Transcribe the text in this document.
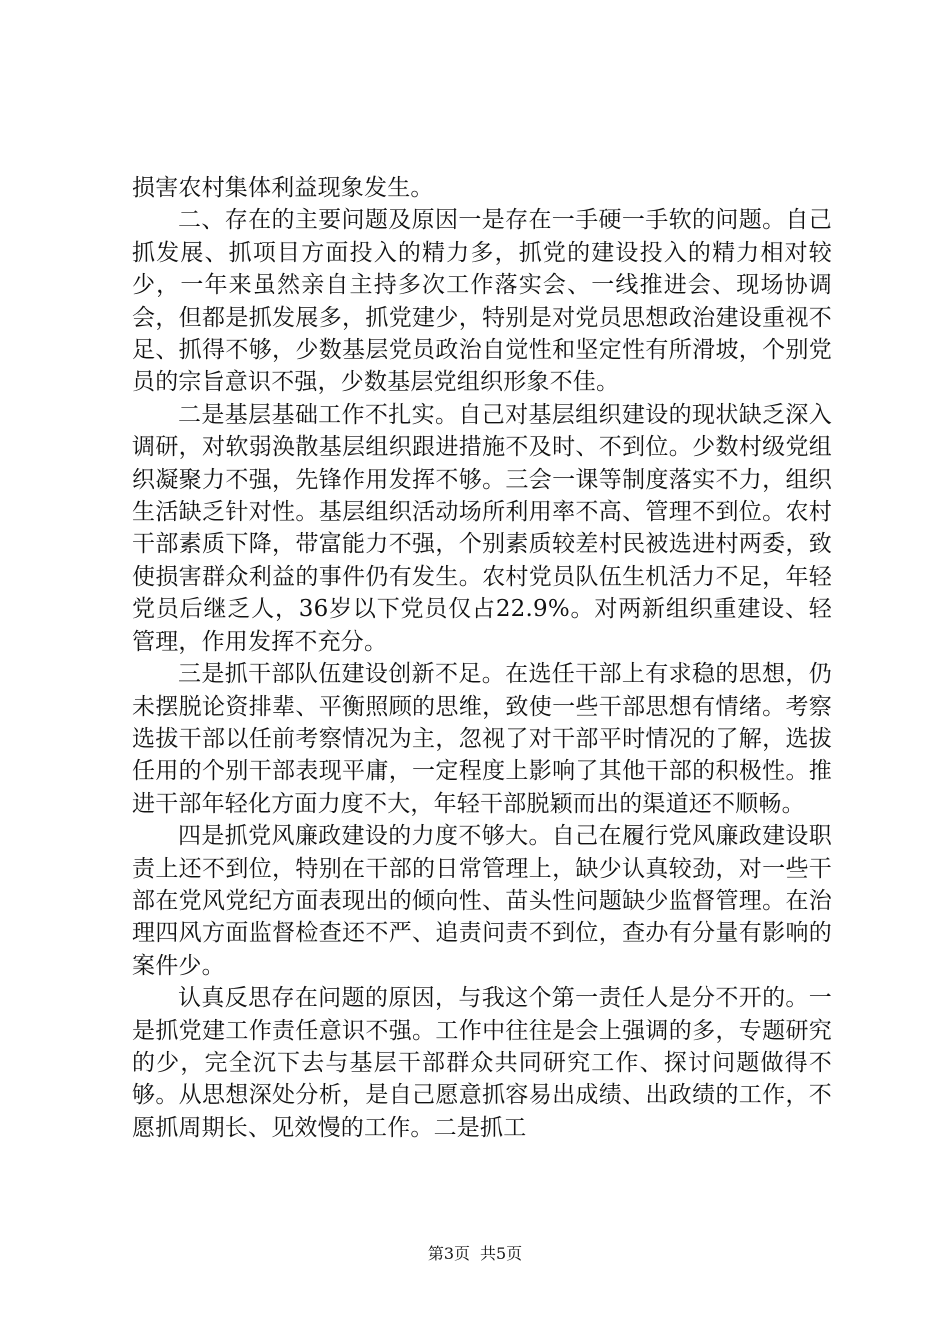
损害农村集体利益现象发生。

二、存在的主要问题及原因一是存在一手硬一手软的问题。自己抓发展、抓项目方面投入的精力多，抓党的建设投入的精力相对较少，一年来虽然亲自主持多次工作落实会、一线推进会、现场协调会，但都是抓发展多，抓党建少，特别是对党员思想政治建设重视不足、抓得不够，少数基层党员政治自觉性和坚定性有所滑坡，个别党员的宗旨意识不强，少数基层党组织形象不佳。

二是基层基础工作不扎实。自己对基层组织建设的现状缺乏深入调研，对软弱涣散基层组织跟进措施不及时、不到位。少数村级党组织凝聚力不强，先锋作用发挥不够。三会一课等制度落实不力，组织生活缺乏针对性。基层组织活动场所利用率不高、管理不到位。农村干部素质下降，带富能力不强，个别素质较差村民被选进村两委，致使损害群众利益的事件仍有发生。农村党员队伍生机活力不足，年轻党员后继乏人，36岁以下党员仅占22.9%。对两新组织重建设、轻管理，作用发挥不充分。

三是抓干部队伍建设创新不足。在选任干部上有求稳的思想，仍未摆脱论资排辈、平衡照顾的思维，致使一些干部思想有情绪。考察选拔干部以任前考察情况为主，忽视了对干部平时情况的了解，选拔任用的个别干部表现平庸，一定程度上影响了其他干部的积极性。推进干部年轻化方面力度不大，年轻干部脱颖而出的渠道还不顺畅。

四是抓党风廉政建设的力度不够大。自己在履行党风廉政建设职责上还不到位，特别在干部的日常管理上，缺少认真较劲，对一些干部在党风党纪方面表现出的倾向性、苗头性问题缺少监督管理。在治理四风方面监督检查还不严、追责问责不到位，查办有分量有影响的案件少。

认真反思存在问题的原因，与我这个第一责任人是分不开的。一是抓党建工作责任意识不强。工作中往往是会上强调的多，专题研究的少，完全沉下去与基层干部群众共同研究工作、探讨问题做得不够。从思想深处分析，是自己愿意抓容易出成绩、出政绩的工作，不愿抓周期长、见效慢的工作。二是抓工

第3页 共5页
